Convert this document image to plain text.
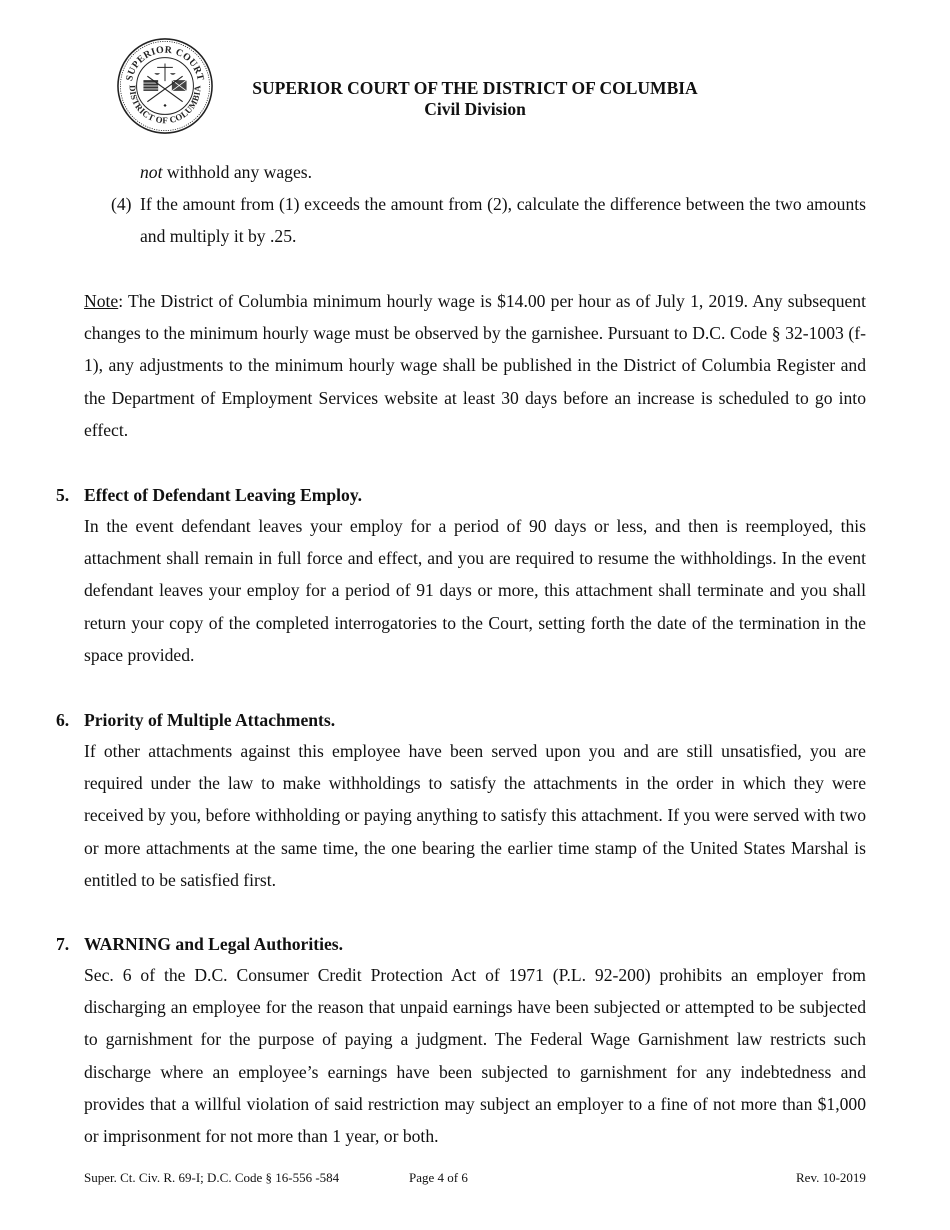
SUPERIOR COURT
DISTRICT OF COLUMBIA
◆
SUPERIOR COURT OF THE DISTRICT OF COLUMBIA
Civil Division
not withhold any wages.
(4) If the amount from (1) exceeds the amount from (2), calculate the difference between the two amounts and multiply it by .25.
Note: The District of Columbia minimum hourly wage is $14.00 per hour as of July 1, 2019. Any subsequent changes to the minimum hourly wage must be observed by the garnishee. Pursuant to D.C. Code § 32-1003 (f-1), any adjustments to the minimum hourly wage shall be published in the District of Columbia Register and the Department of Employment Services website at least 30 days before an increase is scheduled to go into effect.
5. Effect of Defendant Leaving Employ.
In the event defendant leaves your employ for a period of 90 days or less, and then is reemployed, this attachment shall remain in full force and effect, and you are required to resume the withholdings. In the event defendant leaves your employ for a period of 91 days or more, this attachment shall terminate and you shall return your copy of the completed interrogatories to the Court, setting forth the date of the termination in the space provided.
6. Priority of Multiple Attachments.
If other attachments against this employee have been served upon you and are still unsatisfied, you are required under the law to make withholdings to satisfy the attachments in the order in which they were received by you, before withholding or paying anything to satisfy this attachment. If you were served with two or more attachments at the same time, the one bearing the earlier time stamp of the United States Marshal is entitled to be satisfied first.
7. WARNING and Legal Authorities.
Sec. 6 of the D.C. Consumer Credit Protection Act of 1971 (P.L. 92-200) prohibits an employer from discharging an employee for the reason that unpaid earnings have been subjected or attempted to be subjected to garnishment for the purpose of paying a judgment. The Federal Wage Garnishment law restricts such discharge where an employee’s earnings have been subjected to garnishment for any indebtedness and provides that a willful violation of said restriction may subject an employer to a fine of not more than $1,000 or imprisonment for not more than 1 year, or both.
Super. Ct. Civ. R. 69-I; D.C. Code § 16-556 -584	Page 4 of 6	Rev. 10-2019
